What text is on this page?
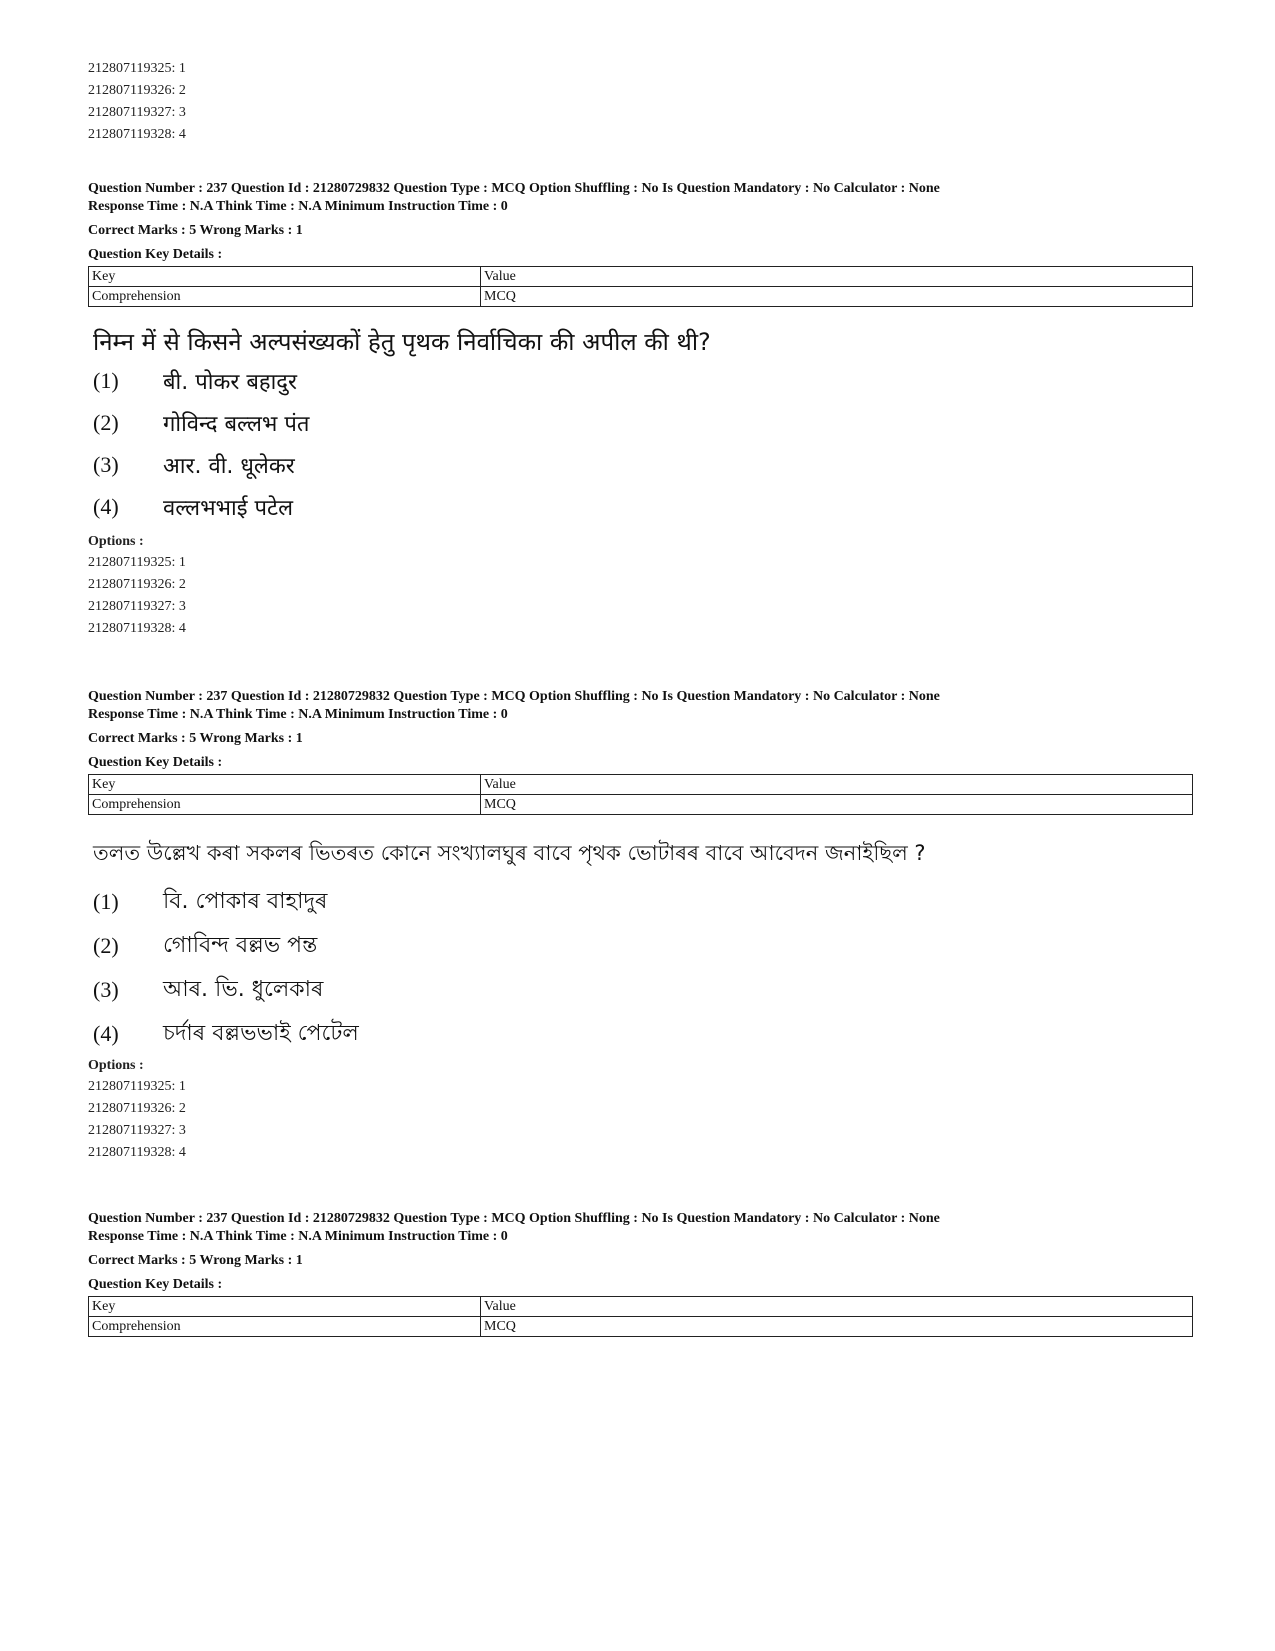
212807119325: 1
212807119326: 2
212807119327: 3
212807119328: 4
Question Number : 237 Question Id : 21280729832 Question Type : MCQ Option Shuffling : No Is Question Mandatory : No Calculator : None
Response Time : N.A Think Time : N.A Minimum Instruction Time : 0
Correct Marks : 5 Wrong Marks : 1
Question Key Details :
Key	Value
Comprehension	MCQ
निम्न में से किसने अल्पसंख्यकों हेतु पृथक निर्वाचिका की अपील की थी?
(1)	बी. पोकर बहादुर
(2)	गोविन्द बल्लभ पंत
(3)	आर. वी. धूलेकर
(4)	वल्लभभाई पटेल
Options :
212807119325: 1
212807119326: 2
212807119327: 3
212807119328: 4
Question Number : 237 Question Id : 21280729832 Question Type : MCQ Option Shuffling : No Is Question Mandatory : No Calculator : None
Response Time : N.A Think Time : N.A Minimum Instruction Time : 0
Correct Marks : 5 Wrong Marks : 1
Question Key Details :
Key	Value
Comprehension	MCQ
তলত উল্লেখ কৰা সকলৰ ভিতৰত কোনে সংখ্যালঘুৰ বাবে পৃথক ভোটাৰৰ বাবে আবেদন জনাইছিল ?
(1)	বি. পোকাৰ বাহাদুৰ
(2)	গোবিন্দ বল্লভ পন্ত
(3)	আৰ. ভি. ধুলেকাৰ
(4)	চৰ্দাৰ বল্লভভাই পেটেল
Options :
212807119325: 1
212807119326: 2
212807119327: 3
212807119328: 4
Question Number : 237 Question Id : 21280729832 Question Type : MCQ Option Shuffling : No Is Question Mandatory : No Calculator : None
Response Time : N.A Think Time : N.A Minimum Instruction Time : 0
Correct Marks : 5 Wrong Marks : 1
Question Key Details :
Key	Value
Comprehension	MCQ
